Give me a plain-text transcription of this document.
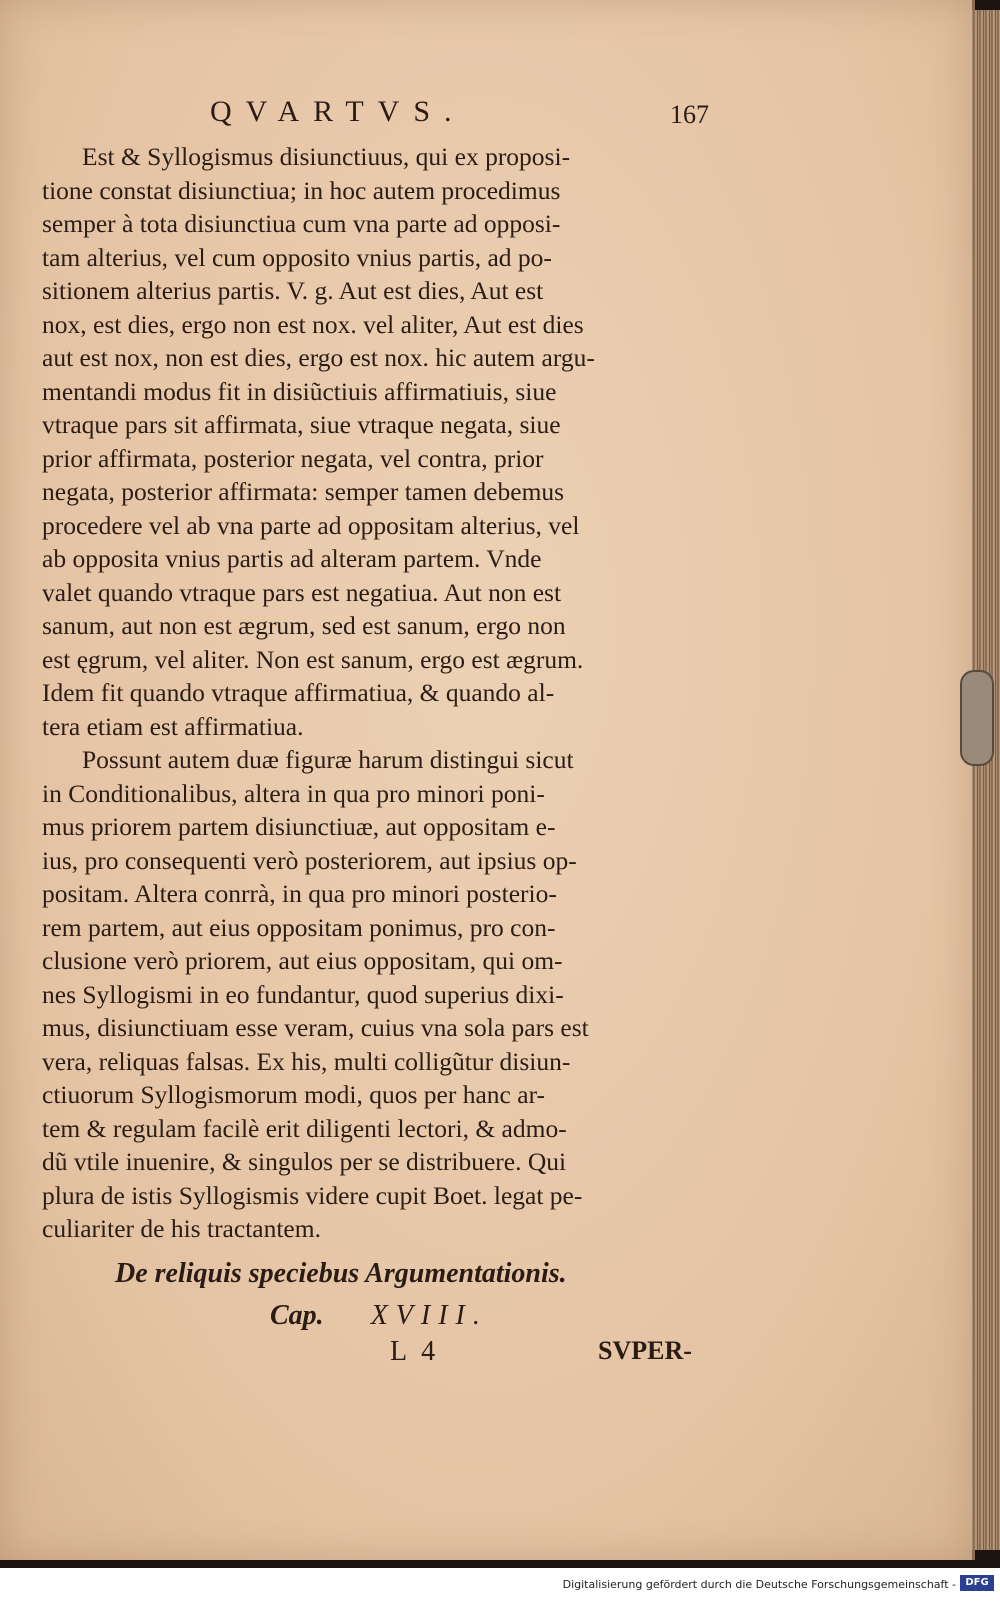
QVARTVS.	167
Est & Syllogismus disiunctiuus, qui ex proposi-
tione constat disiunctiua; in hoc autem procedimus
semper à tota disiunctiua cum vna parte ad opposi-
tam alterius, vel cum opposito vnius partis, ad po-
sitionem alterius partis. V. g. Aut est dies, Aut est
nox, est dies, ergo non est nox. vel aliter, Aut est dies
aut est nox, non est dies, ergo est nox. hic autem argu-
mentandi modus fit in disiũctiuis affirmatiuis, siue
vtraque pars sit affirmata, siue vtraque negata, siue
prior affirmata, posterior negata, vel contra, prior
negata, posterior affirmata: semper tamen debemus
procedere vel ab vna parte ad oppositam alterius, vel
ab opposita vnius partis ad alteram partem. Vnde
valet quando vtraque pars est negatiua. Aut non est
sanum, aut non est ægrum, sed est sanum, ergo non
est ęgrum, vel aliter. Non est sanum, ergo est ægrum.
Idem fit quando vtraque affirmatiua, & quando al-
tera etiam est affirmatiua.
Possunt autem duæ figuræ harum distingui sicut
in Conditionalibus, altera in qua pro minori poni-
mus priorem partem disiunctiuæ, aut oppositam e-
ius, pro consequenti verò posteriorem, aut ipsius op-
positam. Altera conrrà, in qua pro minori posterio-
rem partem, aut eius oppositam ponimus, pro con-
clusione verò priorem, aut eius oppositam, qui om-
nes Syllogismi in eo fundantur, quod superius dixi-
mus, disiunctiuam esse veram, cuius vna sola pars est
vera, reliquas falsas. Ex his, multi colligũtur disiun-
ctiuorum Syllogismorum modi, quos per hanc ar-
tem & regulam facilè erit diligenti lectori, & admo-
dũ vtile inuenire, & singulos per se distribuere. Qui
plura de istis Syllogismis videre cupit Boet. legat pe-
culiariter de his tractantem.
De reliquis speciebus Argumentationis.
Cap. XVIII.
L 4	SVPER-
Digitalisierung gefördert durch die Deutsche Forschungsgemeinschaft - DFG
